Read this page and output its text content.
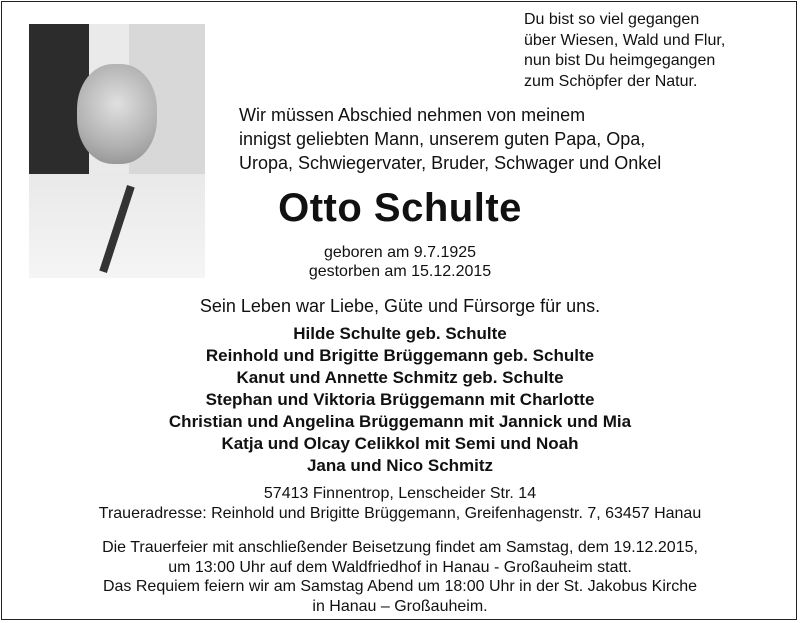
Du bist so viel gegangen
über Wiesen, Wald und Flur,
nun bist Du heimgegangen
zum Schöpfer der Natur.
Wir müssen Abschied nehmen von meinem
innigst geliebten Mann, unserem guten Papa, Opa,
Uropa, Schwiegervater, Bruder, Schwager und Onkel
Otto Schulte
geboren am 9.7.1925
gestorben am 15.12.2015
Sein Leben war Liebe, Güte und Fürsorge für uns.
Hilde Schulte geb. Schulte
Reinhold und Brigitte Brüggemann geb. Schulte
Kanut und Annette Schmitz geb. Schulte
Stephan und Viktoria Brüggemann mit Charlotte
Christian und Angelina Brüggemann mit Jannick und Mia
Katja und Olcay Celikkol mit Semi und Noah
Jana und Nico Schmitz
57413 Finnentrop, Lenscheider Str. 14
Traueradresse: Reinhold und Brigitte Brüggemann, Greifenhagenstr. 7, 63457 Hanau
Die Trauerfeier mit anschließender Beisetzung findet am Samstag, dem 19.12.2015,
um 13:00 Uhr auf dem Waldfriedhof in Hanau - Großauheim statt.
Das Requiem feiern wir am Samstag Abend um 18:00 Uhr in der St. Jakobus Kirche
in Hanau – Großauheim.
